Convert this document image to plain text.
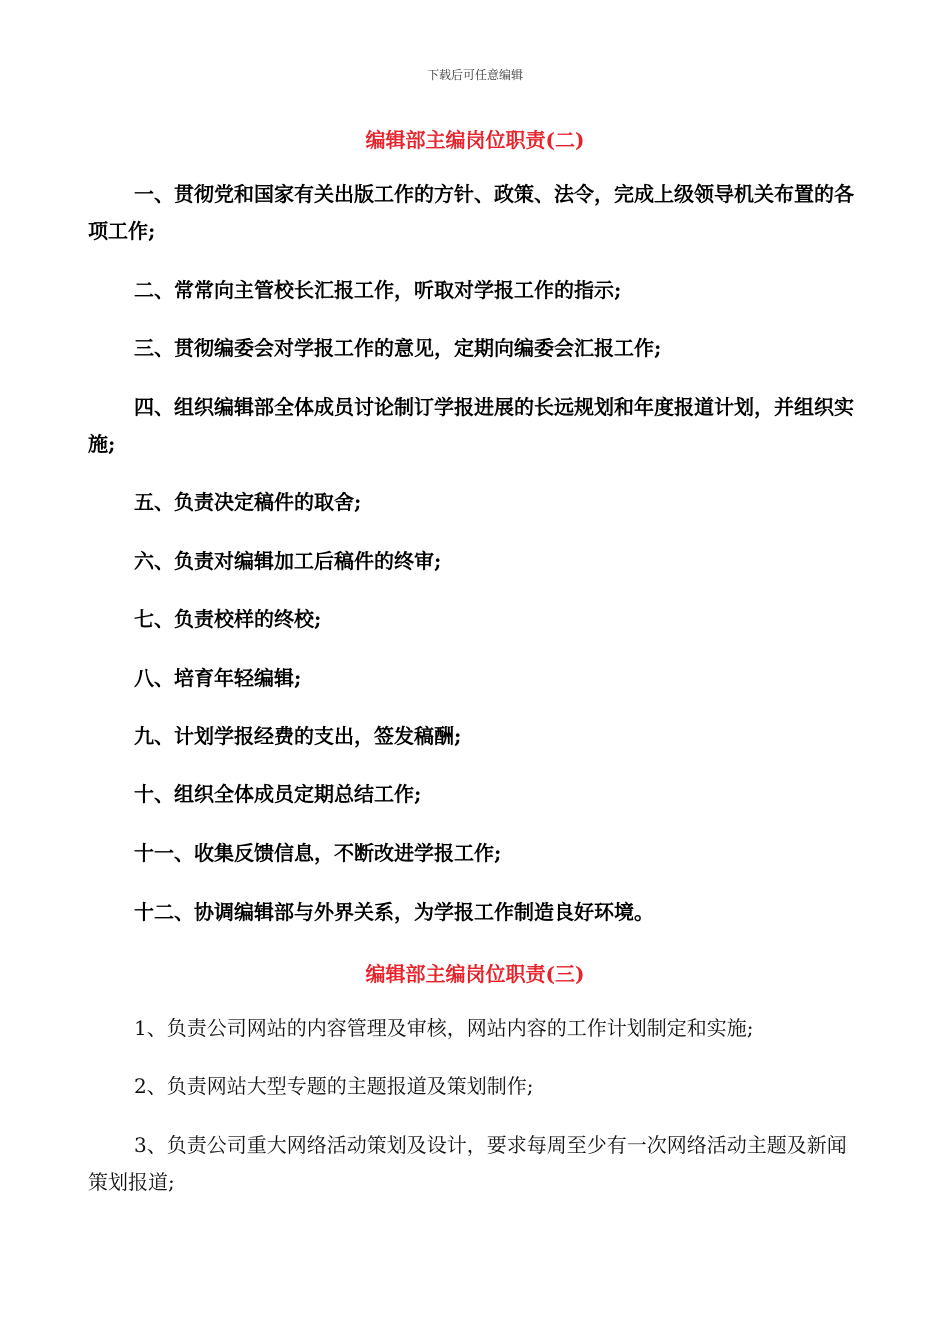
下载后可任意编辑
编辑部主编岗位职责(二)

一、贯彻党和国家有关出版工作的方针、政策、法令，完成上级领导机关布置的各项工作;

二、常常向主管校长汇报工作，听取对学报工作的指示;

三、贯彻编委会对学报工作的意见，定期向编委会汇报工作;

四、组织编辑部全体成员讨论制订学报进展的长远规划和年度报道计划，并组织实施;

五、负责决定稿件的取舍;

六、负责对编辑加工后稿件的终审;

七、负责校样的终校;

八、培育年轻编辑;

九、计划学报经费的支出，签发稿酬;

十、组织全体成员定期总结工作;

十一、收集反馈信息，不断改进学报工作;

十二、协调编辑部与外界关系，为学报工作制造良好环境。

编辑部主编岗位职责(三)

1、负责公司网站的内容管理及审核，网站内容的工作计划制定和实施;

2、负责网站大型专题的主题报道及策划制作;

3、负责公司重大网络活动策划及设计，要求每周至少有一次网络活动主题及新闻策划报道;
